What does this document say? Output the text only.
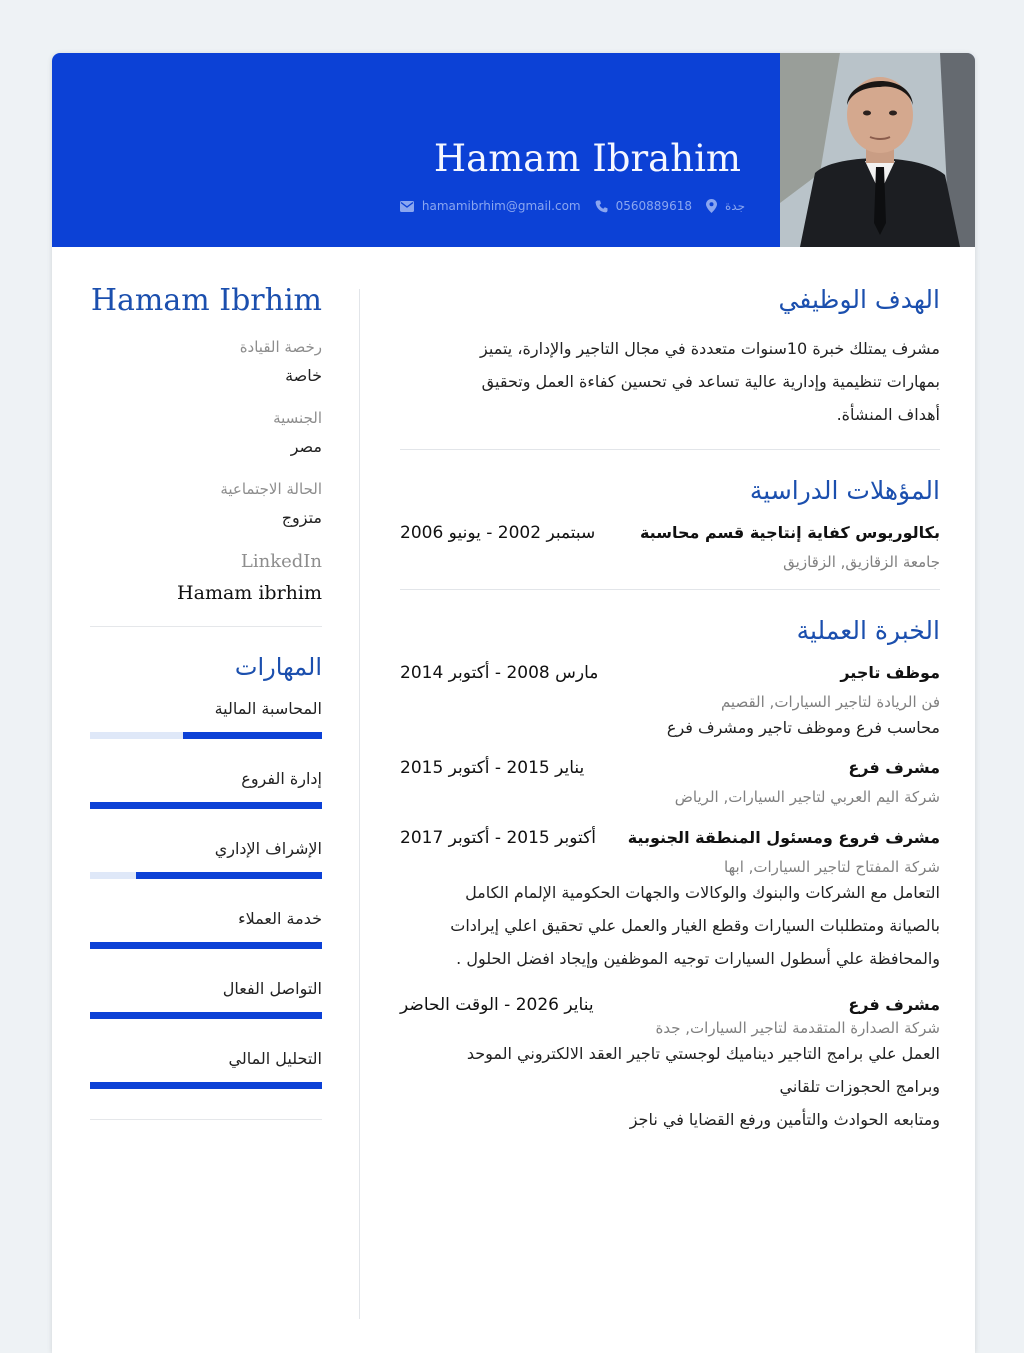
Hamam Ibrahim
hamamibrhim@gmail.com	0560889618	جدة
Hamam Ibrhim
رخصة القيادة
خاصة
الجنسية
مصر
الحالة الاجتماعية
متزوج
LinkedIn
Hamam ibrhim
المهارات
المحاسبة المالية
إدارة الفروع
الإشراف الإداري
خدمة العملاء
التواصل الفعال
التحليل المالي
الهدف الوظيفي

مشرف يمتلك خبرة 10سنوات متعددة في مجال التاجير والإدارة، يتميز

بمهارات تنظيمية وإدارية عالية تساعد في تحسين كفاءة العمل وتحقيق

أهداف المنشأة.

المؤهلات الدراسية
بكالوريوس كفاية إنتاجية قسم محاسبة
سبتمبر 2002 - يونيو 2006
جامعة الزقازيق, الزقازيق
الخبرة العملية
موظف تاجير
مارس 2008 - أكتوبر 2014
فن الريادة لتاجير السيارات, القصيم
محاسب فرع وموظف تاجير ومشرف فرع
مشرف فرع
يناير 2015 - أكتوبر 2015
شركة اليم العربي لتاجير السيارات, الرياض
مشرف فروع ومسئول المنطقة الجنوبية
أكتوبر 2015 - أكتوبر 2017
شركة المفتاح لتاجير السيارات, ابها
التعامل مع الشركات والبنوك والوكالات والجهات الحكومية الإلمام الكامل
بالصيانة ومتطلبات السيارات وقطع الغيار والعمل علي تحقيق اعلي إيرادات
والمحافظة علي أسطول السيارات توجيه الموظفين وإيجاد افضل الحلول .
مشرف فرع
يناير 2026 - الوقت الحاضر
شركة الصدارة المتقدمة لتاجير السيارات, جدة
العمل علي برامج التاجير ديناميك لوجستي تاجير العقد الالكتروني الموحد
وبرامج الحجوزات تلقاني
ومتابعه الحوادث والتأمين ورفع القضايا في ناجز
